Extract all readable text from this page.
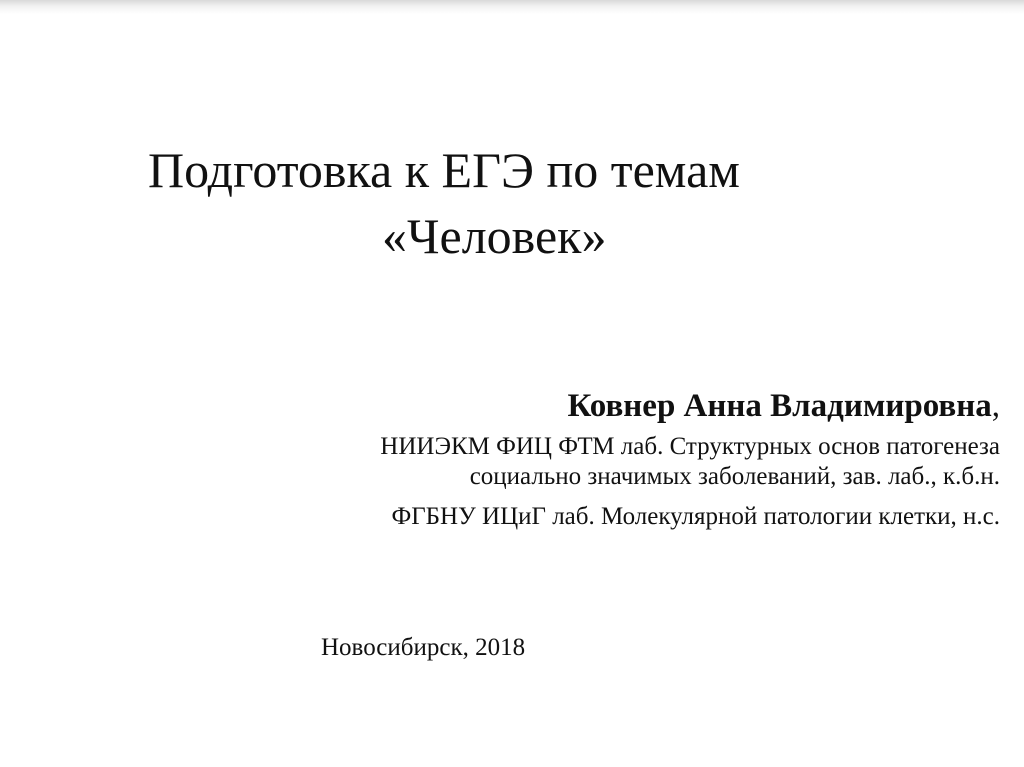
Подготовка к ЕГЭ по темам
«Человек»
Ковнер Анна Владимировна,
НИИЭКМ ФИЦ ФТМ лаб. Структурных основ патогенеза
социально значимых заболеваний, зав. лаб., к.б.н.
ФГБНУ ИЦиГ лаб. Молекулярной патологии клетки, н.с.
Новосибирск, 2018
